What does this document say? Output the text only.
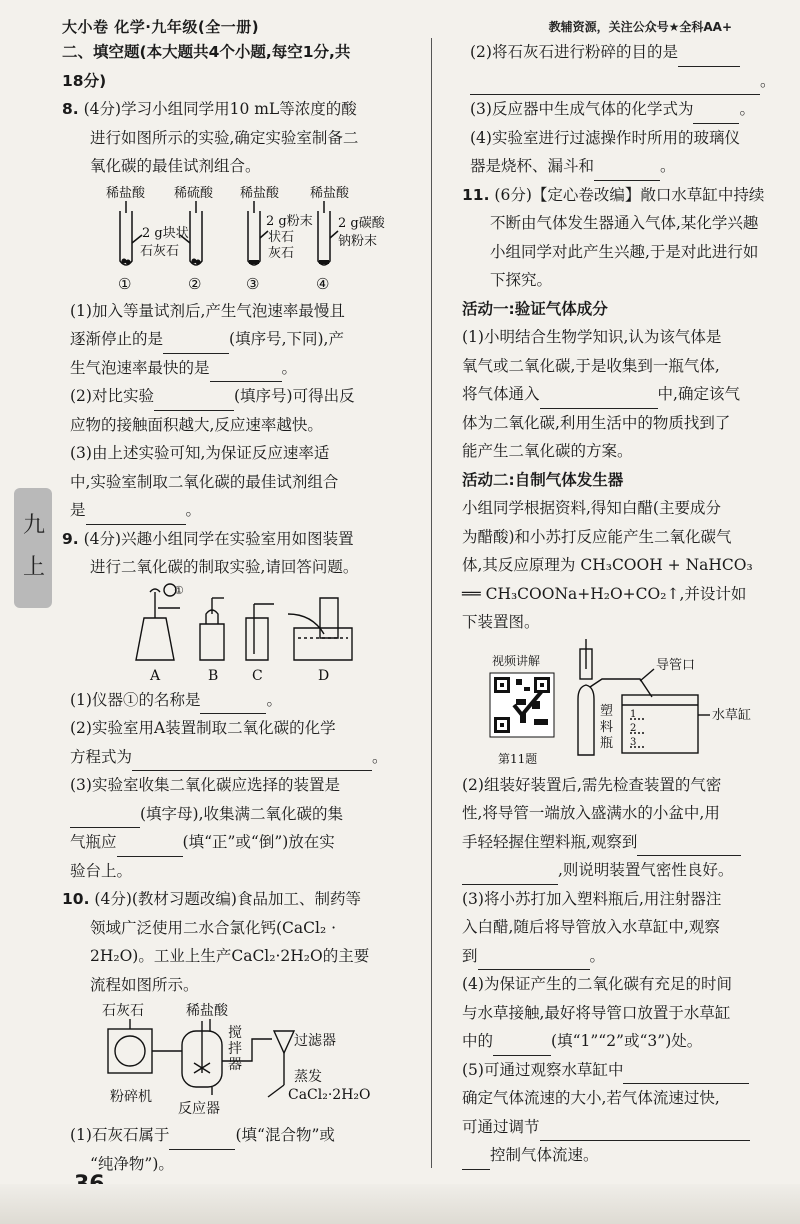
大小卷 化学·九年级(全一册)	教辅资源，关注公众号★全科AA+
九
上
二、填空题(本大题共4个小题,每空1分,共
18分)
8. (4分)学习小组同学用10 mL等浓度的酸
进行如图所示的实验,确定实验室制备二
氧化碳的最佳试剂组合。
稀盐酸 稀硫酸 稀盐酸 稀盐酸
2 g块状
石灰石
2 g粉末
状石
灰石
2 g碳酸
钠粉末
①	②	③	④
(1)加入等量试剂后,产生气泡速率最慢且
逐渐停止的是	(填序号,下同),产
生气泡速率最快的是	。
(2)对比实验	(填序号)可得出反
应物的接触面积越大,反应速率越快。
(3)由上述实验可知,为保证反应速率适
中,实验室制取二氧化碳的最佳试剂组合
是	。
9. (4分)兴趣小组同学在实验室用如图装置
进行二氧化碳的制取实验,请回答问题。
①
A	B C	D
(1)仪器①的名称是	。
(2)实验室用A装置制取二氧化碳的化学
方程式为	。
(3)实验室收集二氧化碳应选择的装置是
(填字母),收集满二氧化碳的集
气瓶应	(填“正”或“倒”)放在实
验台上。
10. (4分)(教材习题改编)食品加工、制药等
领域广泛使用二水合氯化钙(CaCl₂ ·
2H₂O)。工业上生产CaCl₂·2H₂O的主要
流程如图所示。
石灰石	稀盐酸
粉碎机
反应器
搅
拌
器
过滤器
蒸发
CaCl₂·2H₂O
(1)石灰石属于	(填“混合物”或
“纯净物”)。
(2)将石灰石进行粉碎的目的是
。
(3)反应器中生成气体的化学式为	。
(4)实验室进行过滤操作时所用的玻璃仪
器是烧杯、漏斗和	。
11. (6分)【定心卷改编】敞口水草缸中持续
不断由气体发生器通入气体,某化学兴趣
小组同学对此产生兴趣,于是对此进行如
下探究。
活动一:验证气体成分
(1)小明结合生物学知识,认为该气体是
氧气或二氧化碳,于是收集到一瓶气体,
将气体通入	中,确定该气
体为二氧化碳,利用生活中的物质找到了
能产生二氧化碳的方案。
活动二:自制气体发生器
小组同学根据资料,得知白醋(主要成分
为醋酸)和小苏打反应能产生二氧化碳气
体,其反应原理为 CH₃COOH + NaHCO₃
══ CH₃COONa+H₂O+CO₂↑,并设计如
下装置图。
视频讲解
第11题
导管口
水草缸
塑
料
瓶
1
2
3
(2)组装好装置后,需先检查装置的气密
性,将导管一端放入盛满水的小盆中,用
手轻轻握住塑料瓶,观察到
,则说明装置气密性良好。
(3)将小苏打加入塑料瓶后,用注射器注
入白醋,随后将导管放入水草缸中,观察
到	。
(4)为保证产生的二氧化碳有充足的时间
与水草接触,最好将导管口放置于水草缸
中的	(填“1”“2”或“3”)处。
(5)可通过观察水草缸中
确定气体流速的大小,若气体流速过快,
可通过调节
控制气体流速。
